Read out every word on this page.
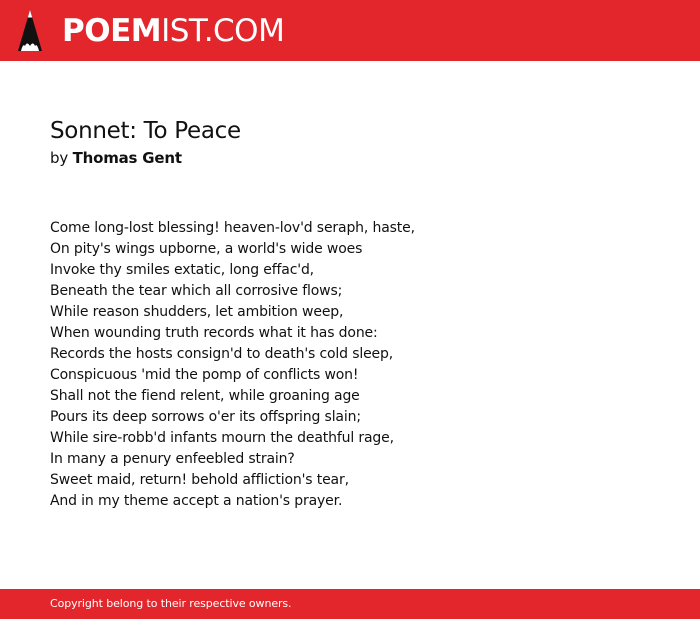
POEMIST.COM
Sonnet: To Peace
by Thomas Gent
Come long-lost blessing! heaven-lov'd seraph, haste,
On pity's wings upborne, a world's wide woes
Invoke thy smiles extatic, long effac'd,
Beneath the tear which all corrosive flows;
While reason shudders, let ambition weep,
When wounding truth records what it has done:
Records the hosts consign'd to death's cold sleep,
Conspicuous 'mid the pomp of conflicts won!
Shall not the fiend relent, while groaning age
Pours its deep sorrows o'er its offspring slain;
While sire-robb'd infants mourn the deathful rage,
In many a penury enfeebled strain?
Sweet maid, return! behold affliction's tear,
And in my theme accept a nation's prayer.
Copyright belong to their respective owners.
